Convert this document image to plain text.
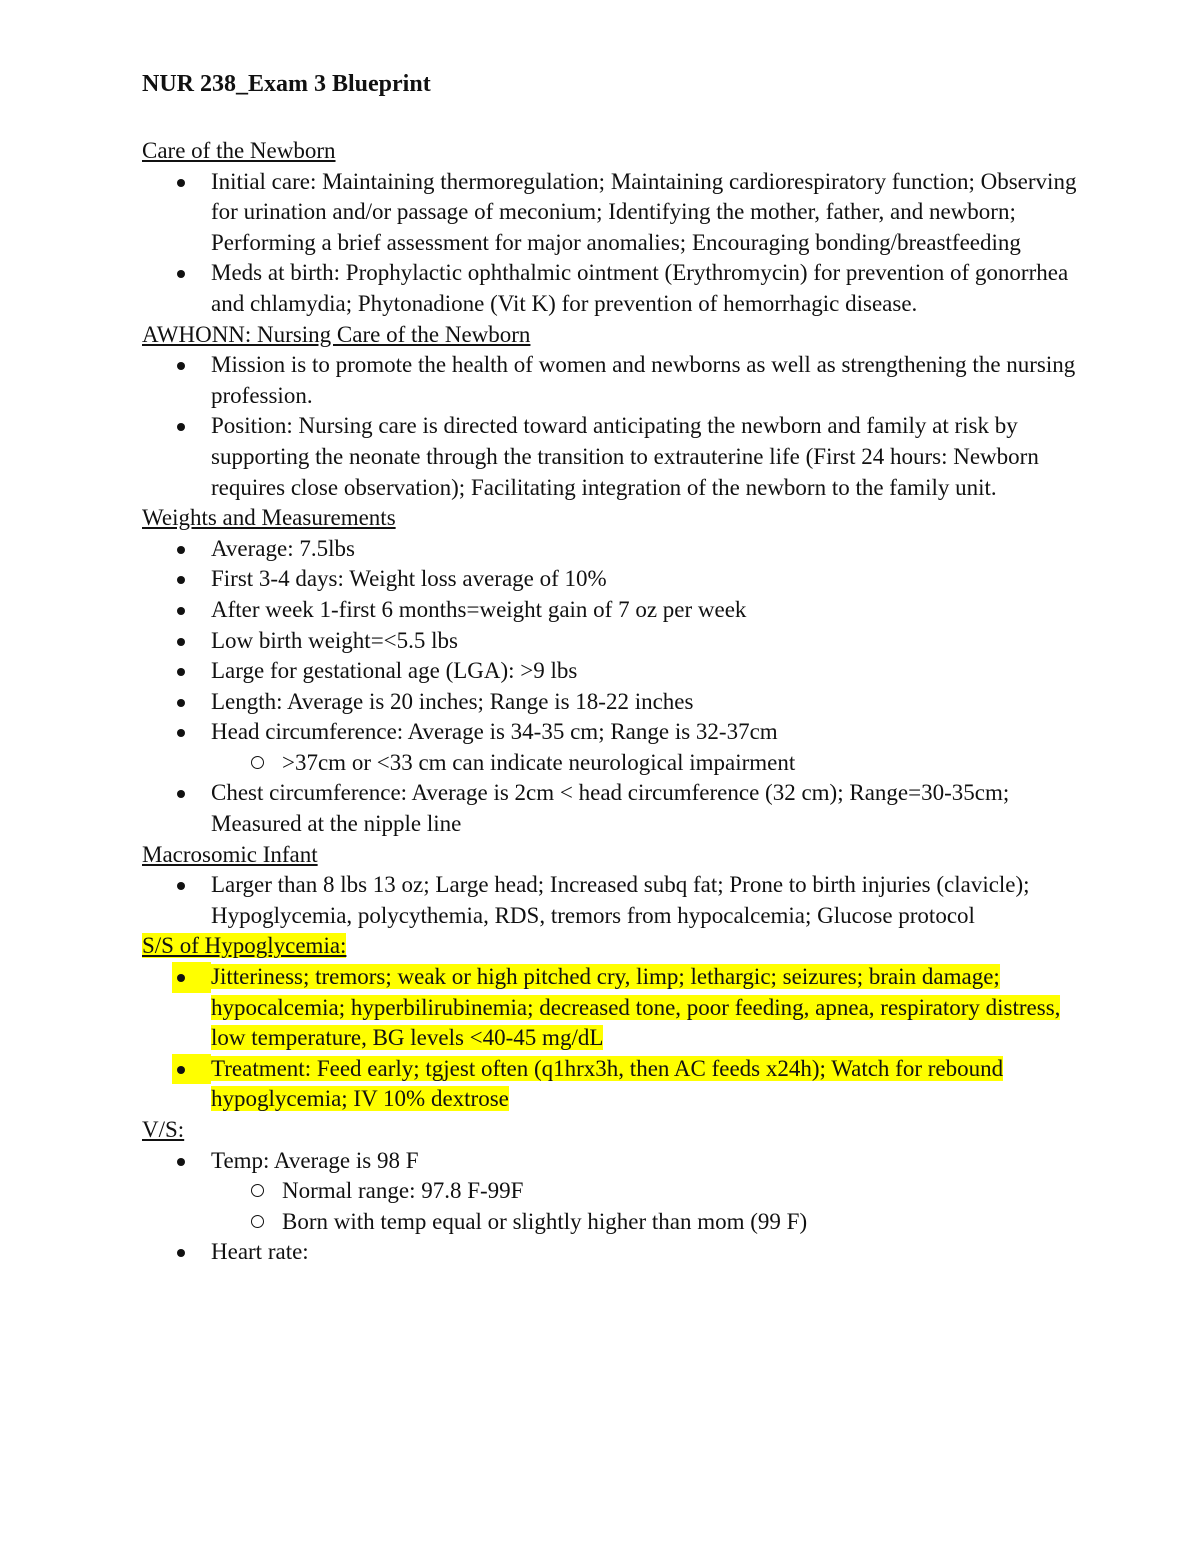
NUR 238_Exam 3 Blueprint
Care of the Newborn
Initial care: Maintaining thermoregulation; Maintaining cardiorespiratory function; Observing for urination and/or passage of meconium; Identifying the mother, father, and newborn; Performing a brief assessment for major anomalies; Encouraging bonding/breastfeeding
Meds at birth: Prophylactic ophthalmic ointment (Erythromycin) for prevention of gonorrhea and chlamydia; Phytonadione (Vit K) for prevention of hemorrhagic disease.
AWHONN: Nursing Care of the Newborn
Mission is to promote the health of women and newborns as well as strengthening the nursing profession.
Position: Nursing care is directed toward anticipating the newborn and family at risk by supporting the neonate through the transition to extrauterine life (First 24 hours: Newborn requires close observation); Facilitating integration of the newborn to the family unit.
Weights and Measurements
Average: 7.5lbs
First 3-4 days: Weight loss average of 10%
After week 1-first 6 months=weight gain of 7 oz per week
Low birth weight=<5.5 lbs
Large for gestational age (LGA): >9 lbs
Length: Average is 20 inches; Range is 18-22 inches
Head circumference: Average is 34-35 cm; Range is 32-37cm
>37cm or <33 cm can indicate neurological impairment
Chest circumference: Average is 2cm < head circumference (32 cm); Range=30-35cm; Measured at the nipple line
Macrosomic Infant
Larger than 8 lbs 13 oz; Large head; Increased subq fat; Prone to birth injuries (clavicle); Hypoglycemia, polycythemia, RDS, tremors from hypocalcemia; Glucose protocol
S/S of Hypoglycemia:
Jitteriness; tremors; weak or high pitched cry, limp; lethargic; seizures; brain damage; hypocalcemia; hyperbilirubinemia; decreased tone, poor feeding, apnea, respiratory distress, low temperature, BG levels <40-45 mg/dL
Treatment: Feed early; tgjest often (q1hrx3h, then AC feeds x24h); Watch for rebound hypoglycemia; IV 10% dextrose
V/S:
Temp: Average is 98 F
Normal range: 97.8 F-99F
Born with temp equal or slightly higher than mom (99 F)
Heart rate:
